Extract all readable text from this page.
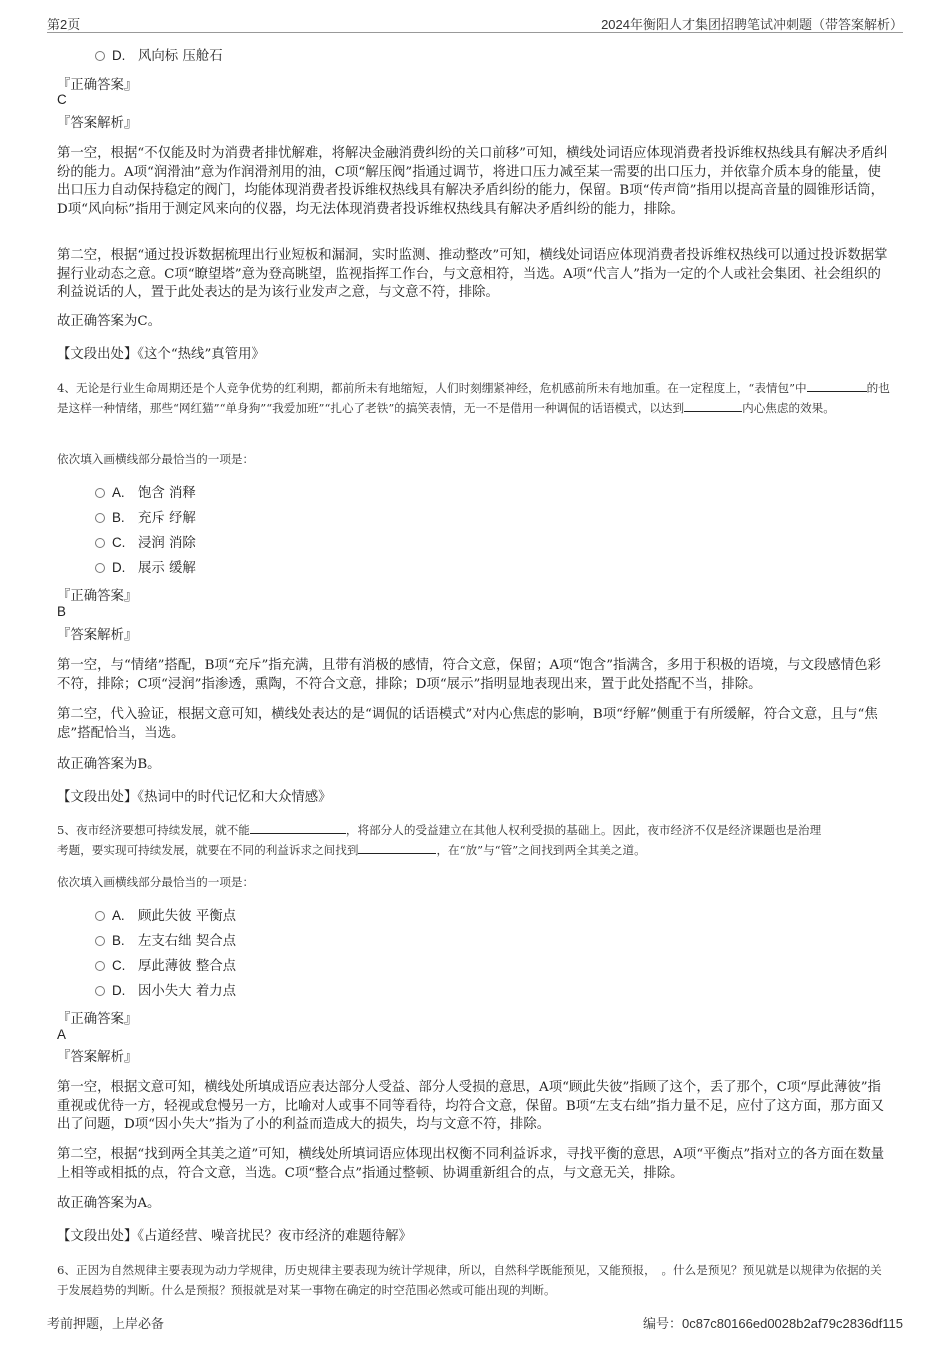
第2页	2024年衡阳人才集团招聘笔试冲刺题（带答案解析）
D. 风向标 压舱石
『正确答案』
C
『答案解析』
第一空，根据“不仅能及时为消费者排忧解难，将解决金融消费纠纷的关口前移”可知，横线处词语应体现消费者投诉维权热线具有解决矛盾纠纷的能力。A项“润滑油”意为作润滑剂用的油，C项“解压阀”指通过调节，将进口压力减至某一需要的出口压力，并依靠介质本身的能量，使出口压力自动保持稳定的阀门，均能体现消费者投诉维权热线具有解决矛盾纠纷的能力，保留。B项“传声筒”指用以提高音量的圆锥形话筒，D项“风向标”指用于测定风来向的仪器，均无法体现消费者投诉维权热线具有解决矛盾纠纷的能力，排除。
第二空，根据“通过投诉数据梳理出行业短板和漏洞，实时监测、推动整改”可知，横线处词语应体现消费者投诉维权热线可以通过投诉数据掌握行业动态之意。C项“瞭望塔”意为登高眺望，监视指挥工作台，与文意相符，当选。A项“代言人”指为一定的个人或社会集团、社会组织的利益说话的人，置于此处表达的是为该行业发声之意，与文意不符，排除。
故正确答案为C。
【文段出处】《这个“热线”真管用》
4、无论是行业生命周期还是个人竞争优势的红利期，都前所未有地缩短，人们时刻绷紧神经，危机感前所未有地加重。在一定程度上，“表情包”中	的也是这样一种情绪，那些“网红猫”“单身狗”“我爱加班”“扎心了老铁”的搞笑表情，无一不是借用一种调侃的话语模式，以达到	内心焦虑的效果。
依次填入画横线部分最恰当的一项是：
A. 饱含 消释
B. 充斥 纾解
C. 浸润 消除
D. 展示 缓解
『正确答案』
B
『答案解析』
第一空，与“情绪”搭配，B项“充斥”指充满，且带有消极的感情，符合文意，保留；A项“饱含”指满含，多用于积极的语境，与文段感情色彩不符，排除；C项“浸润”指渗透，熏陶，不符合文意，排除；D项“展示”指明显地表现出来，置于此处搭配不当，排除。
第二空，代入验证，根据文意可知，横线处表达的是“调侃的话语模式”对内心焦虑的影响，B项“纾解”侧重于有所缓解，符合文意，且与“焦虑”搭配恰当，当选。
故正确答案为B。
【文段出处】《热词中的时代记忆和大众情感》
5、夜市经济要想可持续发展，就不能	，将部分人的受益建立在其他人权利受损的基础上。因此，夜市经济不仅是经济课题也是治理
考题，要实现可持续发展，就要在不同的利益诉求之间找到	，在“放”与“管”之间找到两全其美之道。
依次填入画横线部分最恰当的一项是：
A. 顾此失彼 平衡点
B. 左支右绌 契合点
C. 厚此薄彼 整合点
D. 因小失大 着力点
『正确答案』
A
『答案解析』
第一空，根据文意可知，横线处所填成语应表达部分人受益、部分人受损的意思，A项“顾此失彼”指顾了这个，丢了那个，C项“厚此薄彼”指重视或优待一方，轻视或怠慢另一方，比喻对人或事不同等看待，均符合文意，保留。B项“左支右绌”指力量不足，应付了这方面，那方面又出了问题，D项“因小失大”指为了小的利益而造成大的损失，均与文意不符，排除。
第二空，根据“找到两全其美之道”可知，横线处所填词语应体现出权衡不同利益诉求，寻找平衡的意思，A项“平衡点”指对立的各方面在数量上相等或相抵的点，符合文意，当选。C项“整合点”指通过整顿、协调重新组合的点，与文意无关，排除。
故正确答案为A。
【文段出处】《占道经营、噪音扰民？夜市经济的难题待解》
6、正因为自然规律主要表现为动力学规律，历史规律主要表现为统计学规律，所以，自然科学既能预见，又能预报，　。什么是预见？预见就是以规律为依据的关于发展趋势的判断。什么是预报？预报就是对某一事物在确定的时空范围必然或可能出现的判断。
考前押题，上岸必备	编号：0c87c80166ed0028b2af79c2836df115
